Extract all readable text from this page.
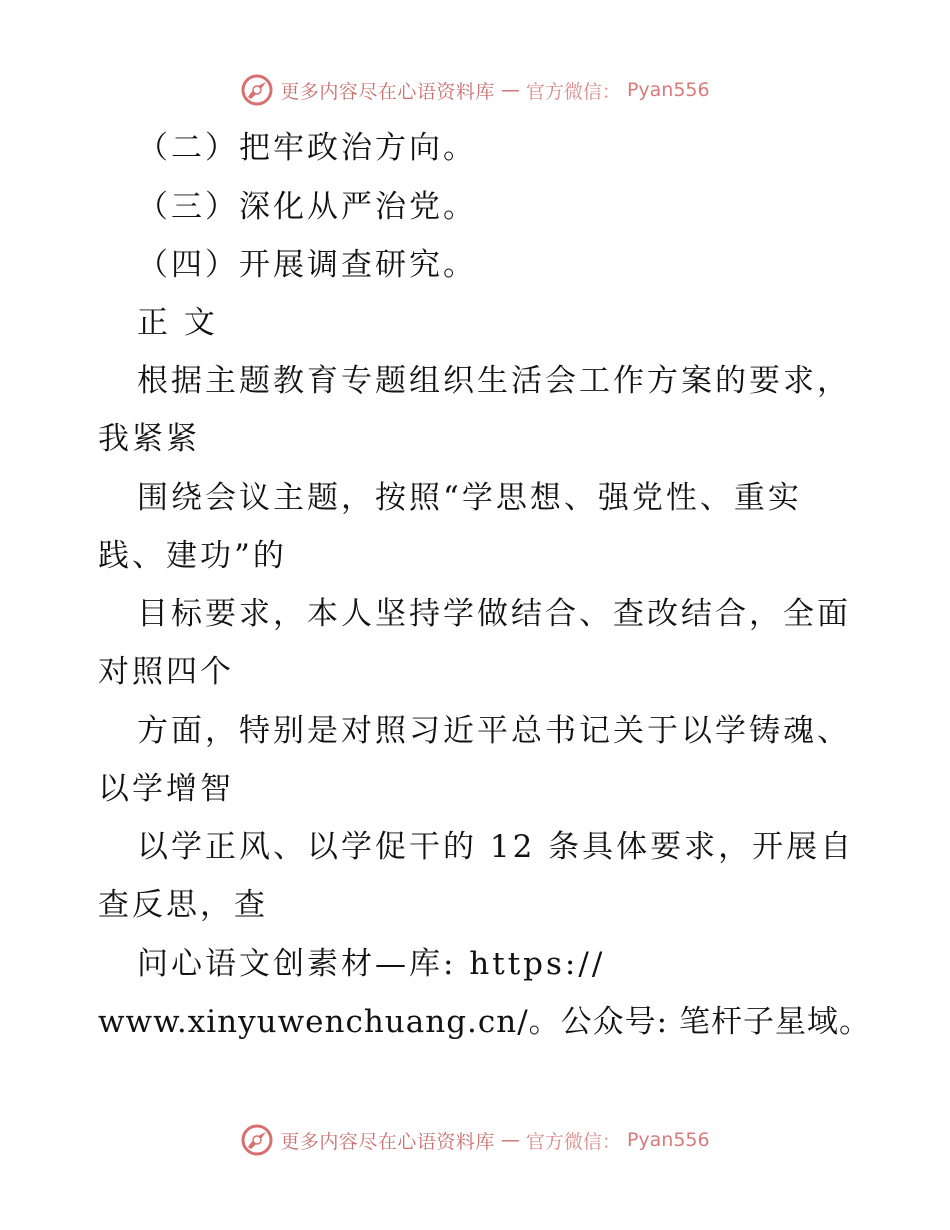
更多内容尽在心语资料库 — 官方微信： Pyan556
（二）把牢政治方向。
（三）深化从严治党。
（四）开展调查研究。
正 文
根据主题教育专题组织生活会工作方案的要求，
我紧紧
围绕会议主题，按照“学思想、强党性、重实
践、建功”的
目标要求，本人坚持学做结合、查改结合，全面
对照四个
方面，特别是对照习近平总书记关于以学铸魂、
以学增智
以学正风、以学促干的 12 条具体要求，开展自
查反思，查
问心语文创素材—库: https://
www.xinyuwenchuang.cn/。公众号: 笔杆子星域。
更多内容尽在心语资料库 — 官方微信： Pyan556
